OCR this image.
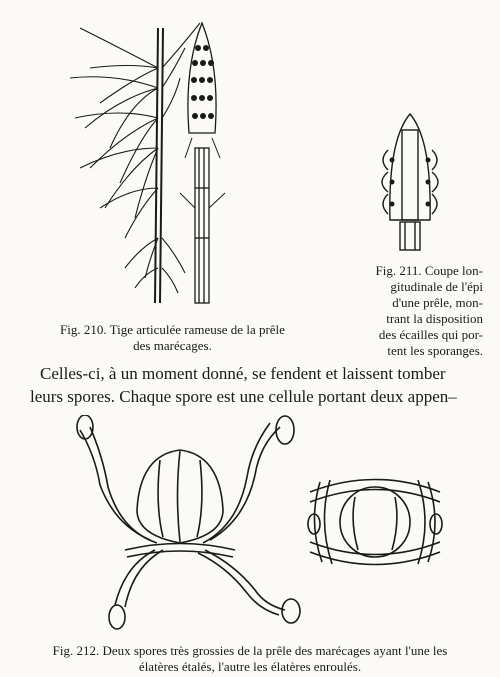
Fig. 210. Tige articulée rameuse de la prêle
des marécages.
Fig. 211. Coupe lon-
gitudinale de l'épi
d'une prêle, mon-
trant la disposition
des écailles qui por-
tent les sporanges.
Celles-ci, à un moment donné, se fendent et laissent tomber
leurs spores. Chaque spore est une cellule portant deux appen–
Fig. 212. Deux spores très grossies de la prêle des marécages ayant l'une les
élatères étalés, l'autre les élatères enroulés.
